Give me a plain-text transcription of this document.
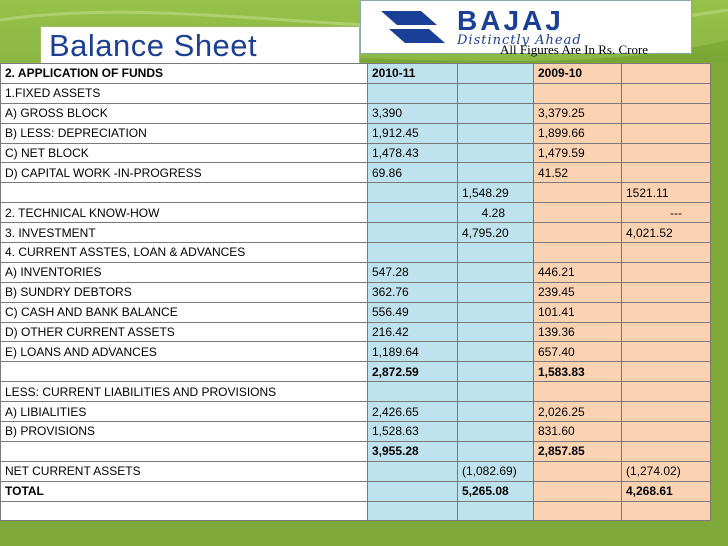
Balance Sheet
BAJAJ
Distinctly Ahead
All Figures Are In Rs. Crore
2. APPLICATION OF FUNDS	2010-11		2009-10	
1.FIXED ASSETS				
A) GROSS BLOCK	3,390		3,379.25	
B) LESS: DEPRECIATION	1,912.45		1,899.66	
C) NET BLOCK	1,478.43		1,479.59	
D) CAPITAL WORK -IN-PROGRESS	69.86		41.52	
		1,548.29		1521.11
2. TECHNICAL KNOW-HOW		4.28		---
3. INVESTMENT		4,795.20		4,021.52
4. CURRENT ASSTES, LOAN & ADVANCES				
A) INVENTORIES	547.28		446.21	
B) SUNDRY DEBTORS	362.76		239.45	
C) CASH AND BANK BALANCE	556.49		101.41	
D) OTHER CURRENT ASSETS	216.42		139.36	
E) LOANS AND ADVANCES	1,189.64		657.40	
	2,872.59		1,583.83	
LESS: CURRENT LIABILITIES AND PROVISIONS				
A) LIBIALITIES	2,426.65		2,026.25	
B) PROVISIONS	1,528.63		831.60	
	3,955.28		2,857.85	
NET CURRENT ASSETS		(1,082.69)		(1,274.02)
TOTAL		5,265.08		4,268.61
